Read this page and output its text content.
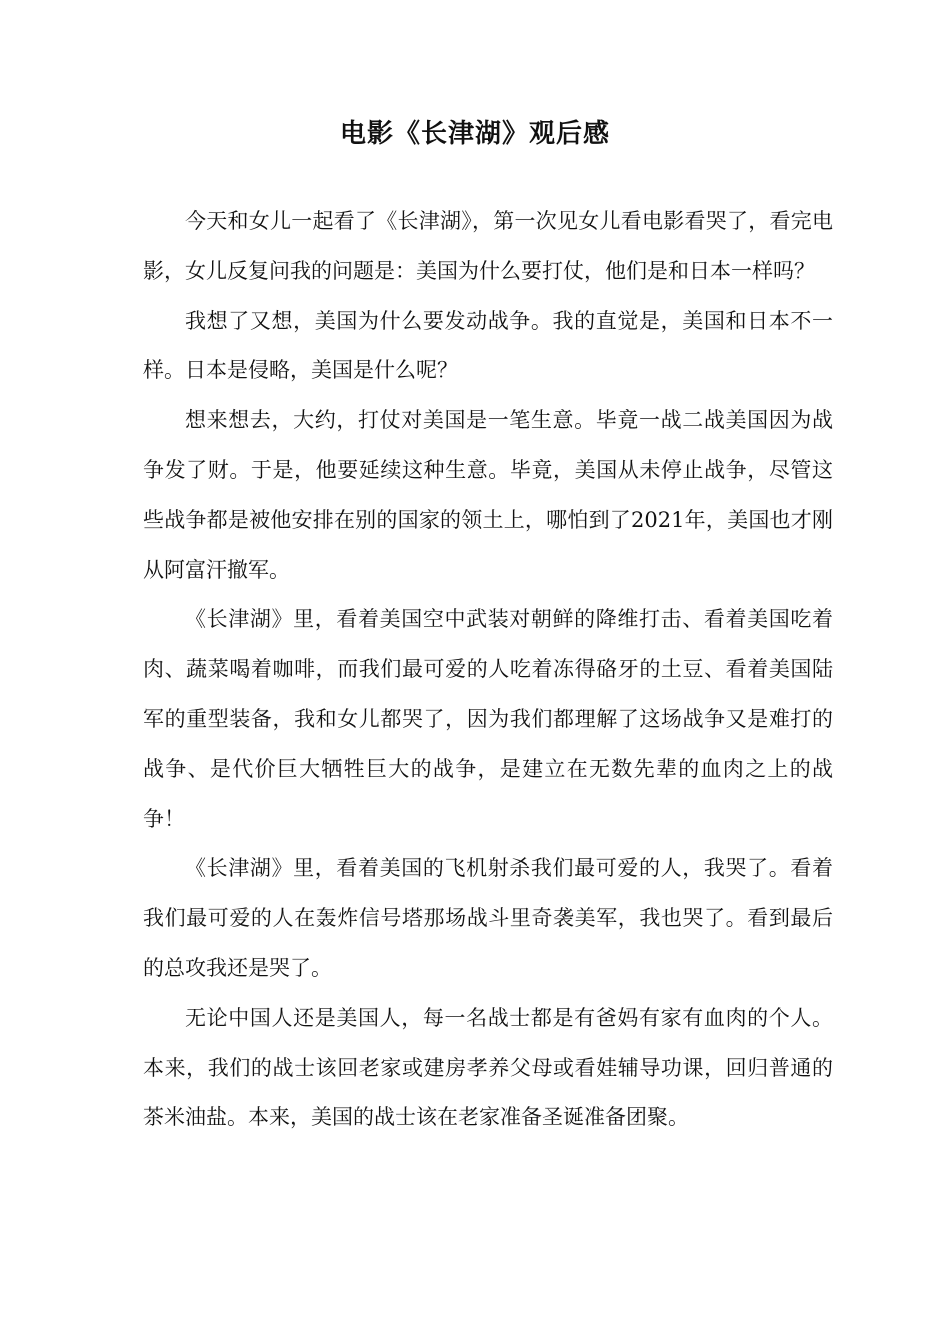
电影《长津湖》观后感

今天和女儿一起看了《长津湖》，第一次见女儿看电影看哭了，看完电影，女儿反复问我的问题是：美国为什么要打仗，他们是和日本一样吗？

我想了又想，美国为什么要发动战争。我的直觉是，美国和日本不一样。日本是侵略，美国是什么呢？

想来想去，大约，打仗对美国是一笔生意。毕竟一战二战美国因为战争发了财。于是，他要延续这种生意。毕竟，美国从未停止战争，尽管这些战争都是被他安排在别的国家的领土上，哪怕到了2021年，美国也才刚从阿富汗撤军。

《长津湖》里，看着美国空中武装对朝鲜的降维打击、看着美国吃着肉、蔬菜喝着咖啡，而我们最可爱的人吃着冻得硌牙的土豆、看着美国陆军的重型装备，我和女儿都哭了，因为我们都理解了这场战争又是难打的战争、是代价巨大牺牲巨大的战争，是建立在无数先辈的血肉之上的战争！

《长津湖》里，看着美国的飞机射杀我们最可爱的人，我哭了。看着我们最可爱的人在轰炸信号塔那场战斗里奇袭美军，我也哭了。看到最后的总攻我还是哭了。

无论中国人还是美国人，每一名战士都是有爸妈有家有血肉的个人。本来，我们的战士该回老家或建房孝养父母或看娃辅导功课，回归普通的茶米油盐。本来，美国的战士该在老家准备圣诞准备团聚。
